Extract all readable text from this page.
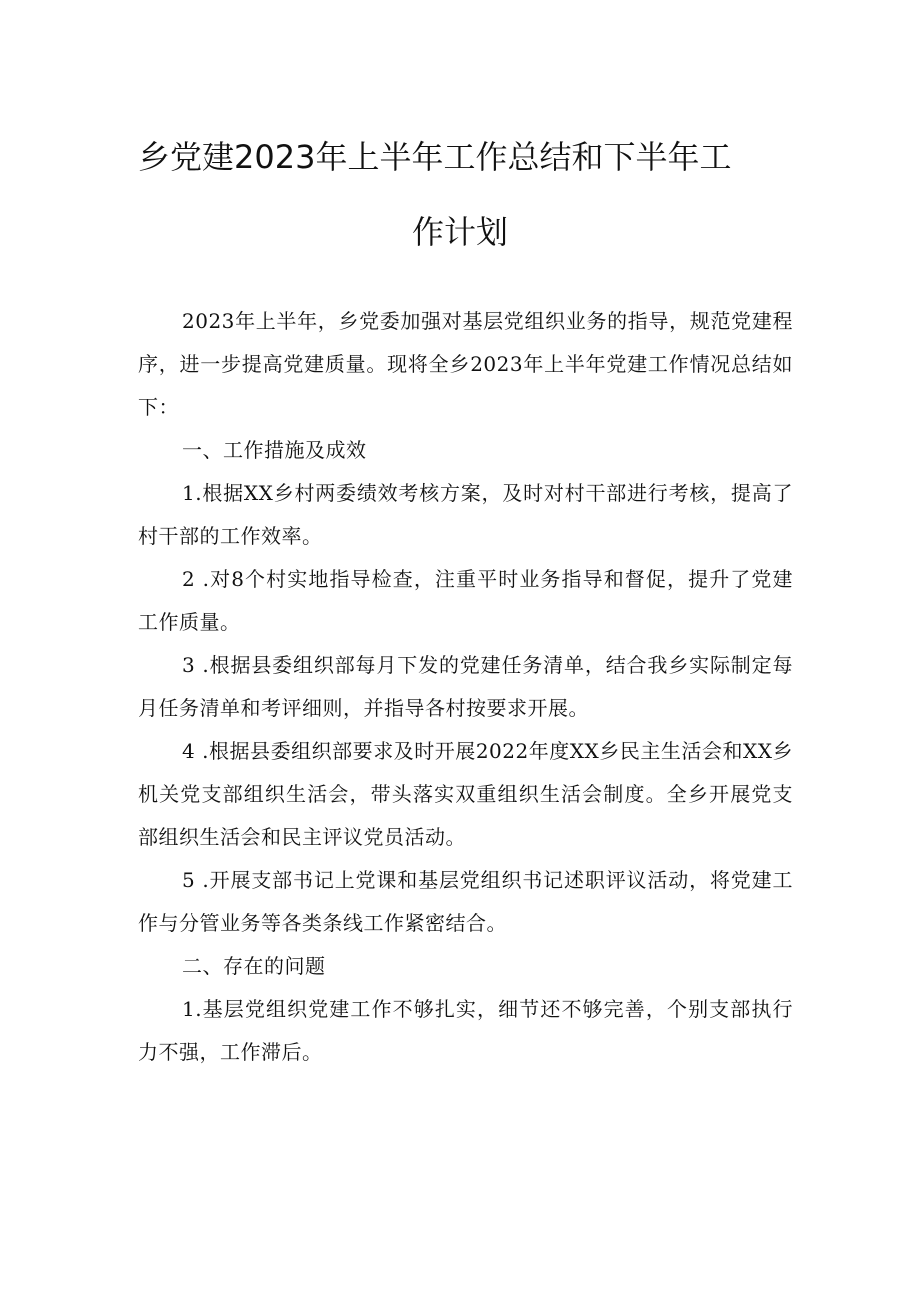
乡党建2023年上半年工作总结和下半年工
作计划

2023年上半年，乡党委加强对基层党组织业务的指导，规范党建程序，进一步提高党建质量。现将全乡2023年上半年党建工作情况总结如下：

一、工作措施及成效

1.根据XX乡村两委绩效考核方案，及时对村干部进行考核，提高了村干部的工作效率。

2 .对8个村实地指导检查，注重平时业务指导和督促，提升了党建工作质量。

3 .根据县委组织部每月下发的党建任务清单，结合我乡实际制定每月任务清单和考评细则，并指导各村按要求开展。

4 .根据县委组织部要求及时开展2022年度XX乡民主生活会和XX乡机关党支部组织生活会，带头落实双重组织生活会制度。全乡开展党支部组织生活会和民主评议党员活动。

5 .开展支部书记上党课和基层党组织书记述职评议活动，将党建工作与分管业务等各类条线工作紧密结合。

二、存在的问题

1.基层党组织党建工作不够扎实，细节还不够完善，个别支部执行力不强，工作滞后。
